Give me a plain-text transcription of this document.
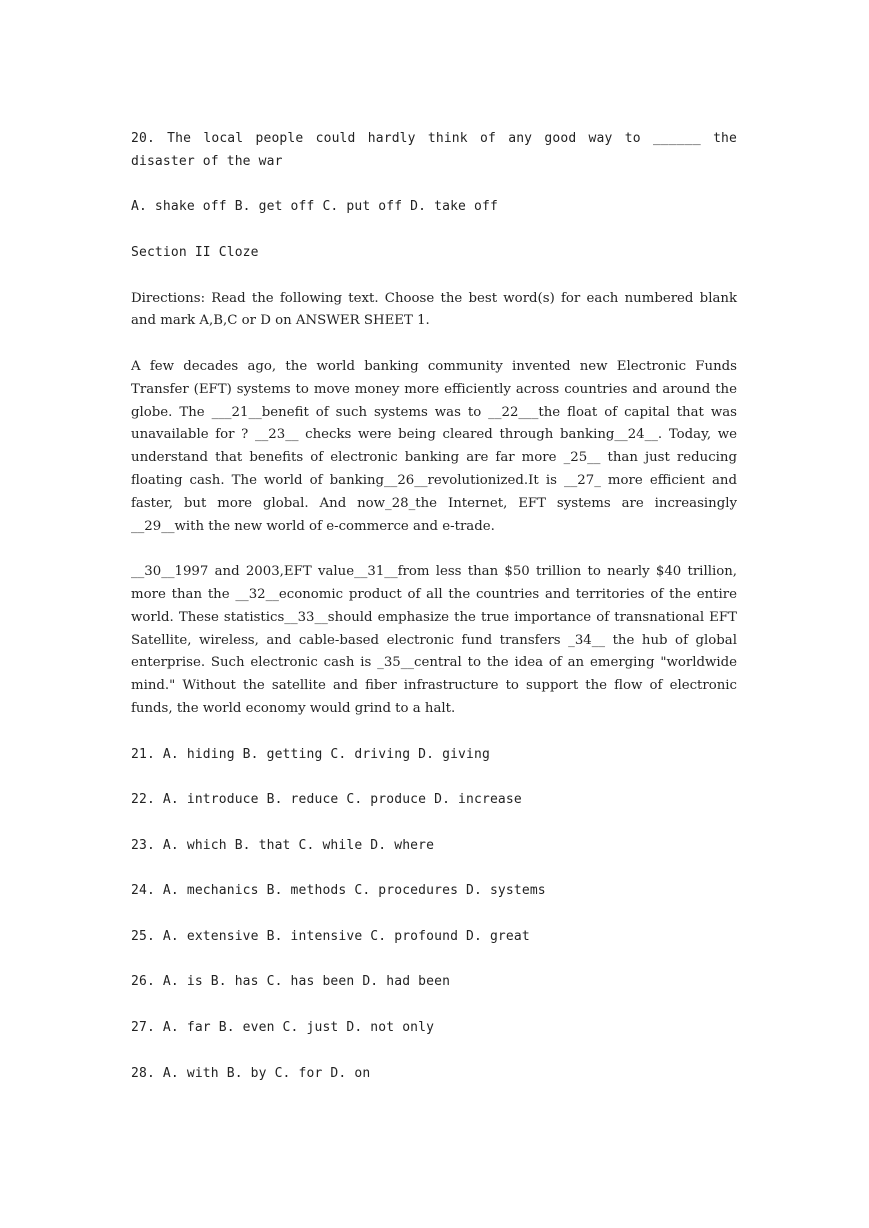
20. The local people could hardly think of any good way to ______ the disaster of the war

A. shake off B. get off C. put off D. take off

Section II Cloze

Directions: Read the following text. Choose the best word(s) for each numbered blank and mark A,B,C or D on ANSWER SHEET 1.

A few decades ago, the world banking community invented new Electronic Funds Transfer (EFT) systems to move money more efficiently across countries and around the globe. The ___21__benefit of such systems was to __22___the float of capital that was unavailable for ? __23__ checks were being cleared through banking__24__. Today, we understand that benefits of electronic banking are far more _25__ than just reducing floating cash. The world of banking__26__revolutionized.It is __27_ more efficient and faster, but more global. And now_28_the Internet, EFT systems are increasingly __29__with the new world of e-commerce and e-trade.

__30__1997 and 2003,EFT value__31__from less than $50 trillion to nearly $40 trillion, more than the __32__economic product of all the countries and territories of the entire world. These statistics__33__should emphasize the true importance of transnational EFT Satellite, wireless, and cable-based electronic fund transfers _34__ the hub of global enterprise. Such electronic cash is _35__central to the idea of an emerging "worldwide mind." Without the satellite and fiber infrastructure to support the flow of electronic funds, the world economy would grind to a halt.

21. A. hiding B. getting C. driving D. giving

22. A. introduce B. reduce C. produce D. increase

23. A. which B. that C. while D. where

24. A. mechanics B. methods C. procedures D. systems

25. A. extensive B. intensive C. profound D. great

26. A. is B. has C. has been D. had been

27. A. far B. even C. just D. not only

28. A. with B. by C. for D. on
